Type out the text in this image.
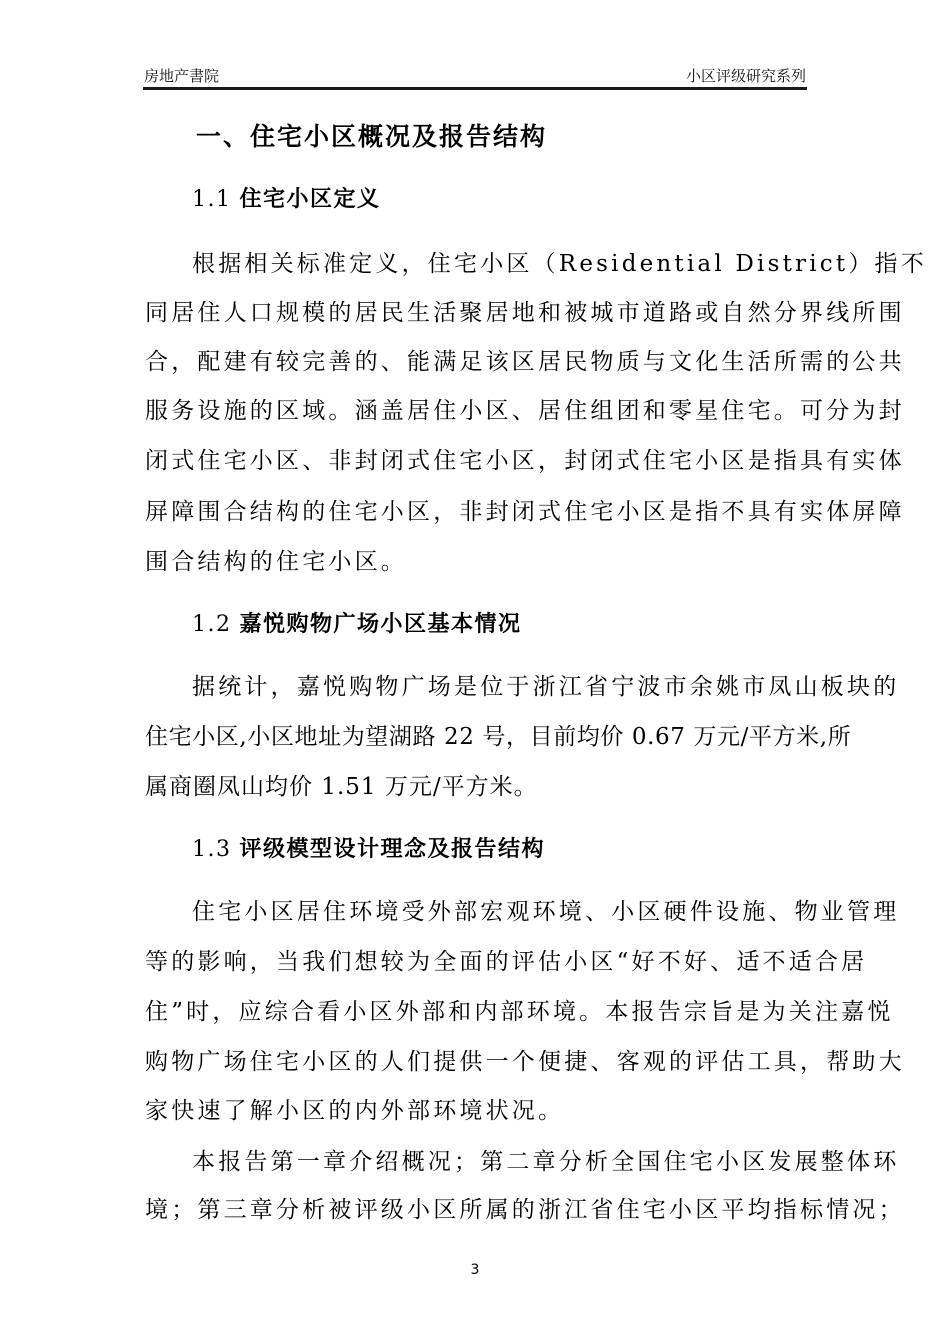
房地产書院	小区评级研究系列
一、住宅小区概况及报告结构
1.1 住宅小区定义
根据相关标准定义，住宅小区（Residential District）指不
同居住人口规模的居民生活聚居地和被城市道路或自然分界线所围
合，配建有较完善的、能满足该区居民物质与文化生活所需的公共
服务设施的区域。涵盖居住小区、居住组团和零星住宅。可分为封
闭式住宅小区、非封闭式住宅小区，封闭式住宅小区是指具有实体
屏障围合结构的住宅小区，非封闭式住宅小区是指不具有实体屏障
围合结构的住宅小区。
1.2 嘉悦购物广场小区基本情况
据统计，嘉悦购物广场是位于浙江省宁波市余姚市凤山板块的
住宅小区,小区地址为望湖路 22 号，目前均价 0.67 万元/平方米,所
属商圈凤山均价 1.51 万元/平方米。
1.3 评级模型设计理念及报告结构
住宅小区居住环境受外部宏观环境、小区硬件设施、物业管理
等的影响，当我们想较为全面的评估小区“好不好、适不适合居
住”时，应综合看小区外部和内部环境。本报告宗旨是为关注嘉悦
购物广场住宅小区的人们提供一个便捷、客观的评估工具，帮助大
家快速了解小区的内外部环境状况。
本报告第一章介绍概况；第二章分析全国住宅小区发展整体环
境；第三章分析被评级小区所属的浙江省住宅小区平均指标情况；
3
